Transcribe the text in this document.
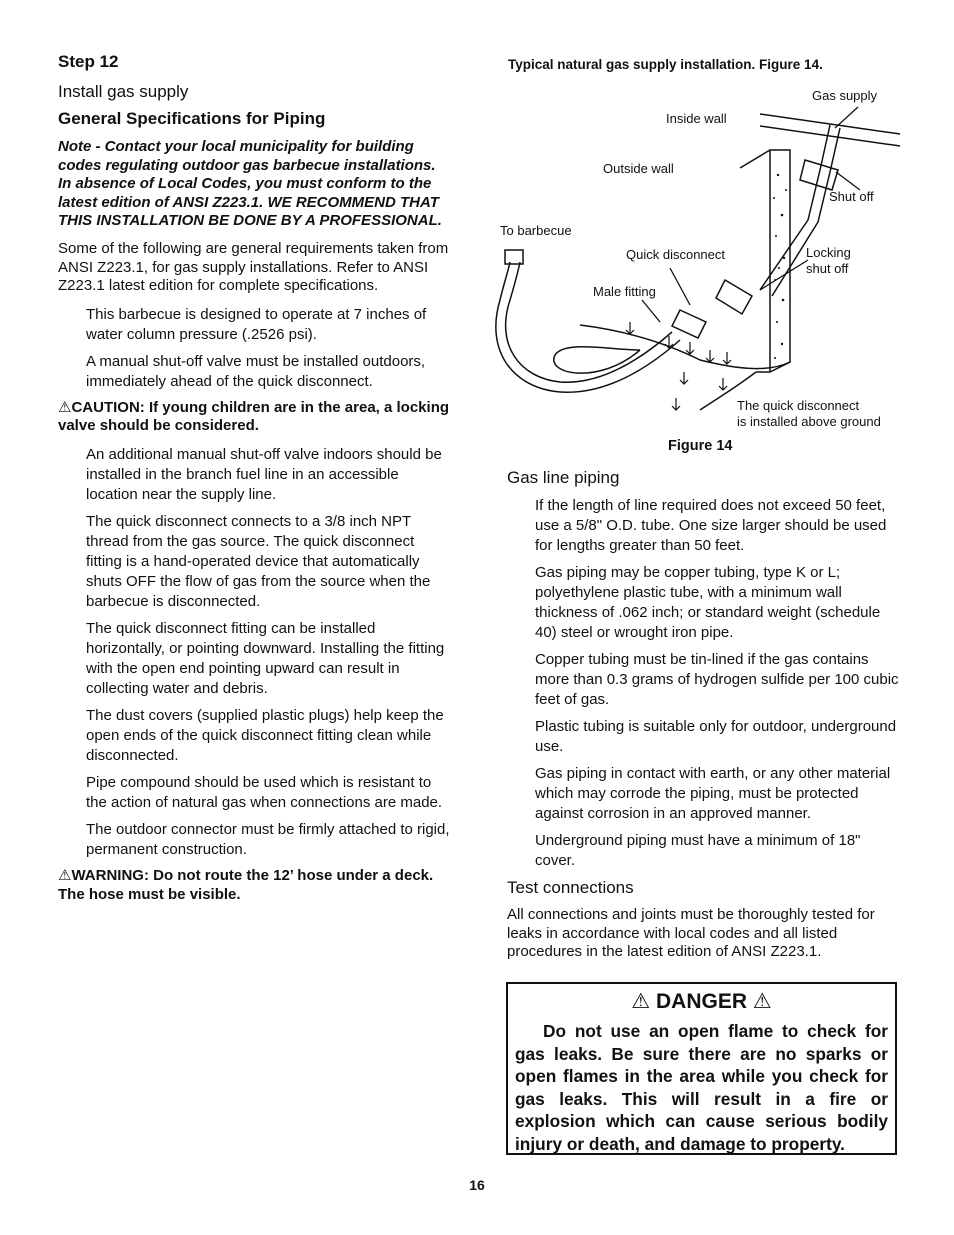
Step 12
Install gas supply
General Specifications for Piping
Note - Contact your local municipality for building codes regulating outdoor gas barbecue installations. In absence of Local Codes, you must conform to the latest edition of ANSI Z223.1. WE RECOMMEND THAT THIS INSTALLATION BE DONE BY A PROFESSIONAL.
Some of the following are general requirements taken from ANSI Z223.1, for gas supply installations. Refer to ANSI Z223.1 latest edition for complete specifications.
This barbecue is designed to operate at 7 inches of water column pressure (.2526 psi).
A manual shut-off valve must be installed outdoors, immediately ahead of the quick disconnect.
⚠CAUTION: If young children are in the area, a locking valve should be considered.
An additional manual shut-off valve indoors should be installed in the branch fuel line in an accessible location near the supply line.
The quick disconnect connects to a 3/8 inch NPT thread from the gas source. The quick disconnect fitting is a hand-operated device that automatically shuts OFF the flow of gas from the source when the barbecue is disconnected.
The quick disconnect fitting can be installed horizontally, or pointing downward. Installing the fitting with the open end pointing upward can result in collecting water and debris.
The dust covers (supplied plastic plugs) help keep the open ends of the quick disconnect fitting clean while disconnected.
Pipe compound should be used which is resistant to the action of natural gas when connections are made.
The outdoor connector must be firmly attached to rigid, permanent construction.
⚠WARNING: Do not route the 12’ hose under a deck. The hose must be visible.
Typical natural gas supply installation. Figure 14.
Gas supply
Inside wall
Outside wall
Shut off
To barbecue
Quick disconnect	Locking
shut off
Male fitting
The quick disconnect
is installed above ground
Figure 14
Gas line piping
If the length of line required does not exceed 50 feet, use a 5/8" O.D. tube. One size larger should be used for lengths greater than 50 feet.
Gas piping may be copper tubing, type K or L; polyethylene plastic tube, with a minimum wall thickness of .062 inch; or standard weight (schedule 40) steel or wrought iron pipe.
Copper tubing must be tin-lined if the gas contains more than 0.3 grams of hydrogen sulfide per 100 cubic feet of gas.
Plastic tubing is suitable only for outdoor, underground use.
Gas piping in contact with earth, or any other material which may corrode the piping, must be protected against corrosion in an approved manner.
Underground piping must have a minimum of 18" cover.
Test connections
All connections and joints must be thoroughly tested for leaks in accordance with local codes and all listed procedures in the latest edition of ANSI Z223.1.
⚠ DANGER ⚠
Do not use an open flame to check for gas leaks. Be sure there are no sparks or open flames in the area while you check for gas leaks. This will result in a fire or explosion which can cause serious bodily injury or death, and damage to property.
16
